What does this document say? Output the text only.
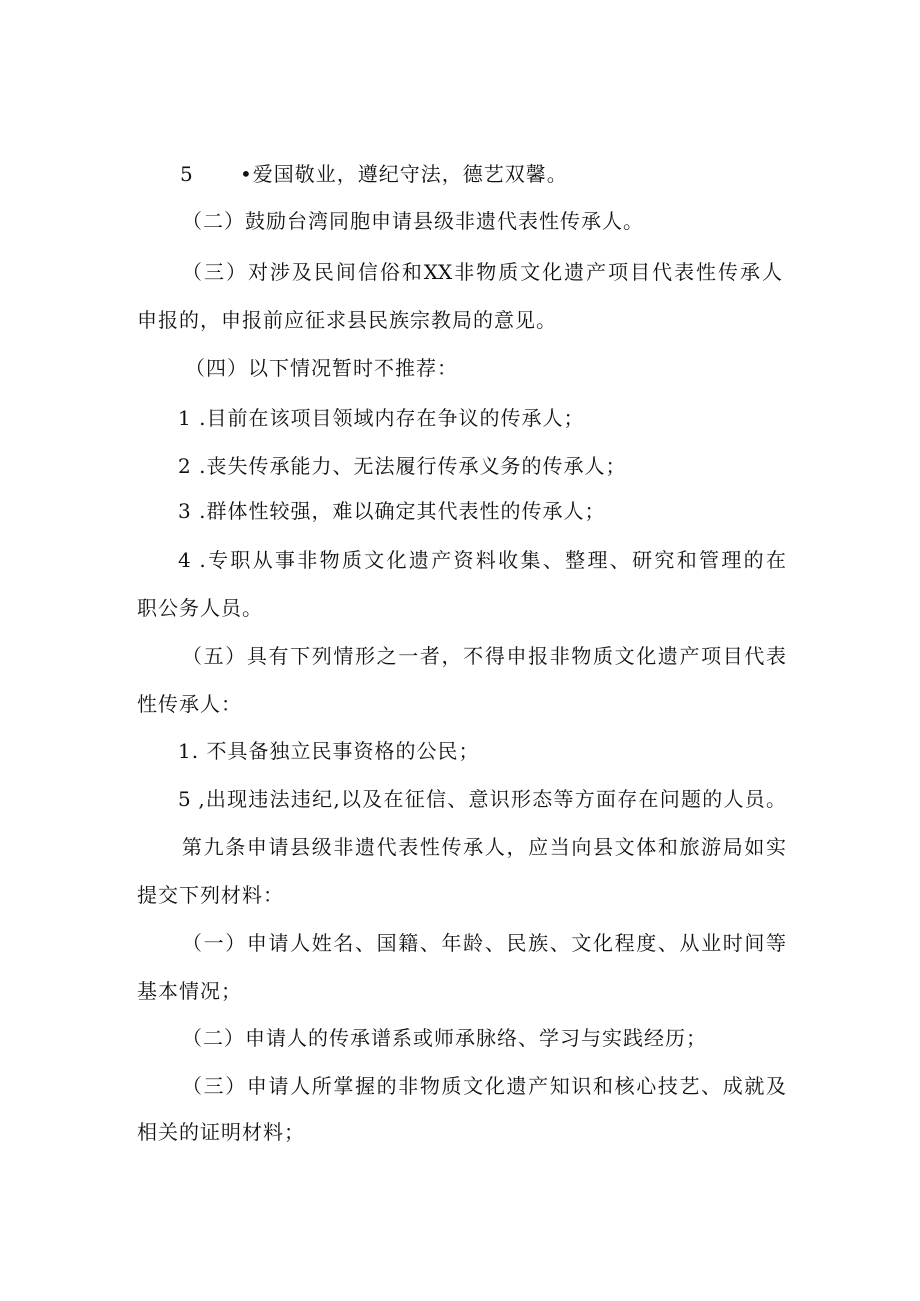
5 •爱国敬业，遵纪守法，德艺双馨。
（二）鼓励台湾同胞申请县级非遗代表性传承人。
（三）对涉及民间信俗和XX非物质文化遗产项目代表性传承人
申报的，申报前应征求县民族宗教局的意见。
（四）以下情况暂时不推荐：
1 .目前在该项目领域内存在争议的传承人；
2 .丧失传承能力、无法履行传承义务的传承人；
3 .群体性较强，难以确定其代表性的传承人；
4 .专职从事非物质文化遗产资料收集、整理、研究和管理的在
职公务人员。
（五）具有下列情形之一者，不得申报非物质文化遗产项目代表
性传承人：
1. 不具备独立民事资格的公民；
5 ,出现违法违纪,以及在征信、意识形态等方面存在问题的人员。
第九条申请县级非遗代表性传承人，应当向县文体和旅游局如实
提交下列材料：
（一）申请人姓名、国籍、年龄、民族、文化程度、从业时间等
基本情况；
（二）申请人的传承谱系或师承脉络、学习与实践经历；
（三）申请人所掌握的非物质文化遗产知识和核心技艺、成就及
相关的证明材料；
